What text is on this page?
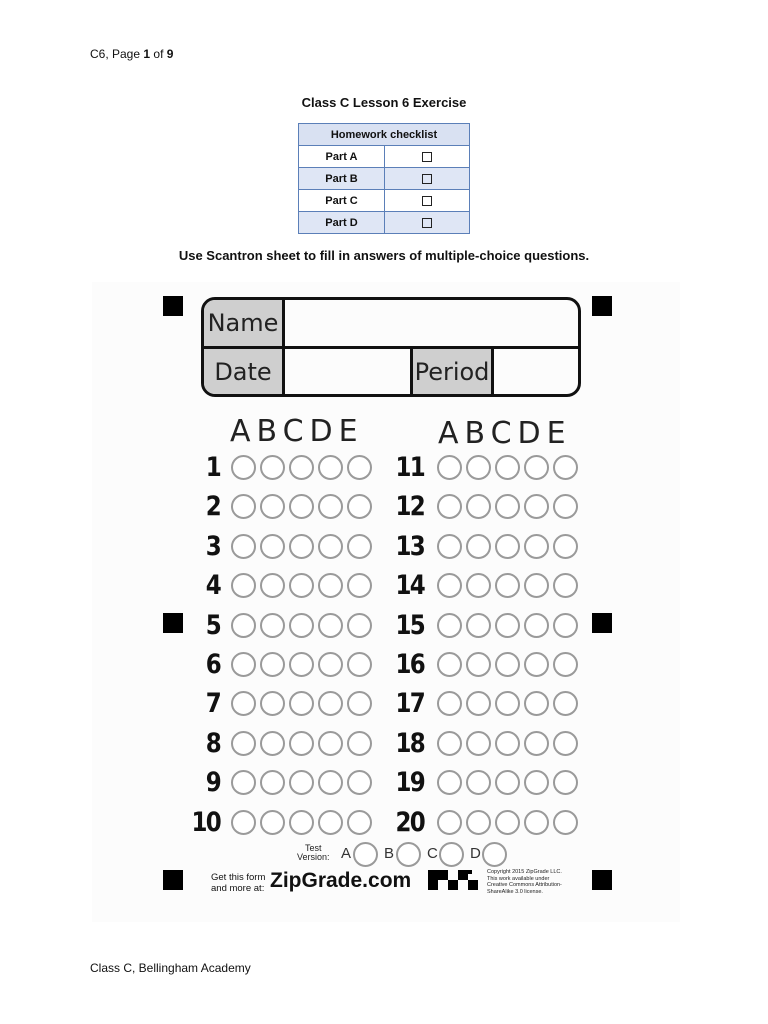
C6, Page 1 of 9
Class C Lesson 6 Exercise
Homework checklist	
Part A	
Part B	
Part C	
Part D	
Use Scantron sheet to fill in answers of multiple-choice questions.
Name
Date	Period
ABCDE ABCDE
1
2
3
4
5
6
7
8
9
10
11
12
13
14
15
16
17
18
19
20
Test
Version: A B C D
Get this form
and more at: ZipGrade.com	Copyright 2015 ZipGrade LLC.
This work available under
Creative Commons Attribution-
ShareAlike 3.0 license.
Class C, Bellingham Academy
